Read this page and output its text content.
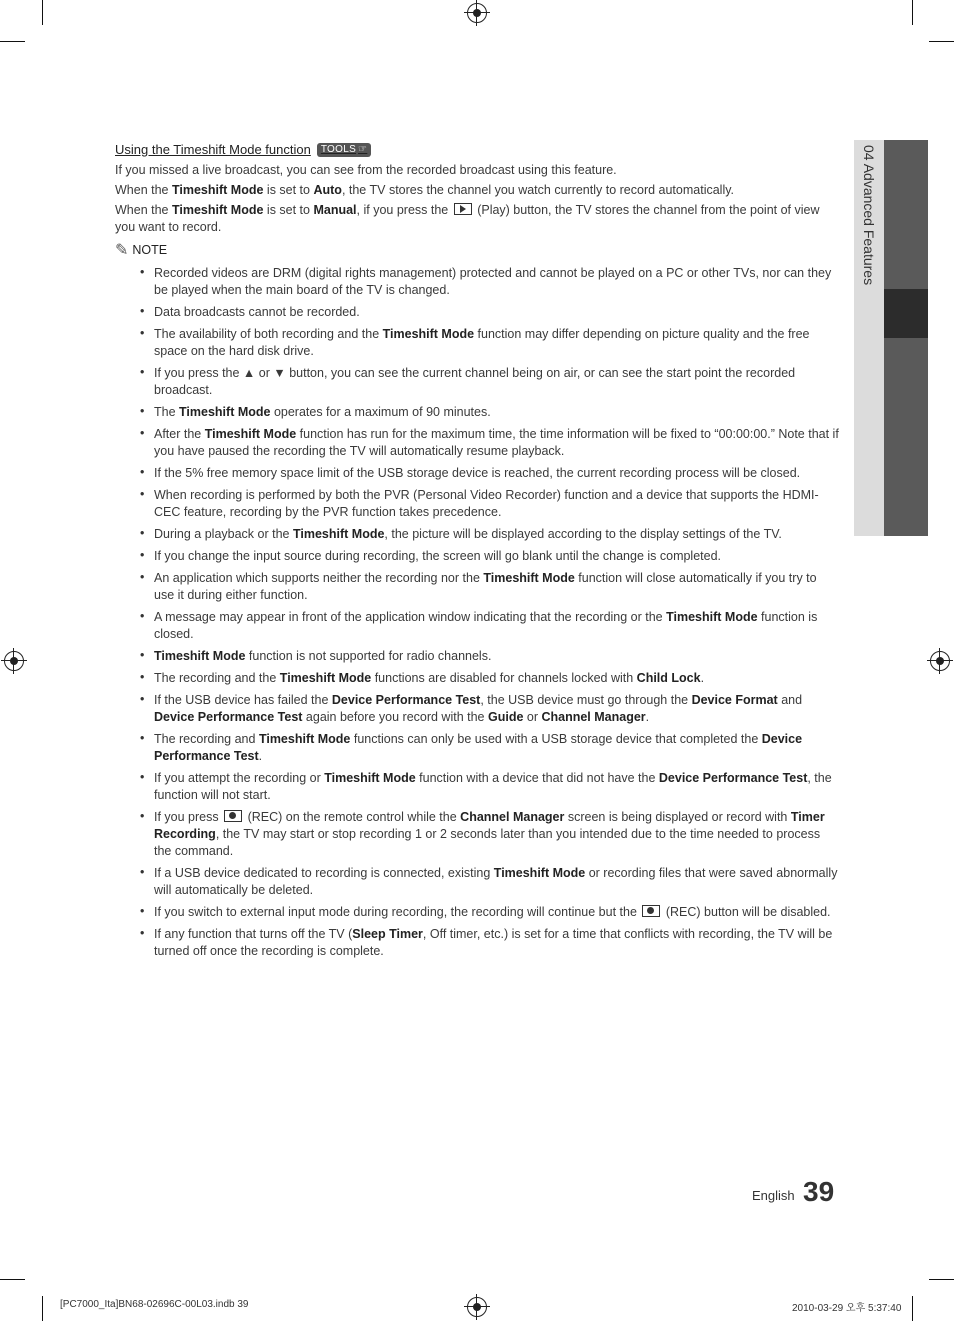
04 Advanced Features
Using the Timeshift Mode function TOOLS ☞

If you missed a live broadcast, you can see from the recorded broadcast using this feature.

When the Timeshift Mode is set to Auto, the TV stores the channel you watch currently to record automatically.

When the Timeshift Mode is set to Manual, if you press the  (Play) button, the TV stores the channel from the point of view you want to record.

✎ NOTE
• Recorded videos are DRM (digital rights management) protected and cannot be played on a PC or other TVs, nor can they be played when the main board of the TV is changed.
• Data broadcasts cannot be recorded.
• The availability of both recording and the Timeshift Mode function may differ depending on picture quality and the free space on the hard disk drive.
• If you press the ▲ or ▼ button, you can see the current channel being on air, or can see the start point the recorded broadcast.
• The Timeshift Mode operates for a maximum of 90 minutes.
• After the Timeshift Mode function has run for the maximum time, the time information will be fixed to “00:00:00.” Note that if you have paused the recording the TV will automatically resume playback.
• If the 5% free memory space limit of the USB storage device is reached, the current recording process will be closed.
• When recording is performed by both the PVR (Personal Video Recorder) function and a device that supports the HDMI-CEC feature, recording by the PVR function takes precedence.
• During a playback or the Timeshift Mode, the picture will be displayed according to the display settings of the TV.
• If you change the input source during recording, the screen will go blank until the change is completed.
• An application which supports neither the recording nor the Timeshift Mode function will close automatically if you try to use it during either function.
• A message may appear in front of the application window indicating that the recording or the Timeshift Mode function is closed.
• Timeshift Mode function is not supported for radio channels.
• The recording and the Timeshift Mode functions are disabled for channels locked with Child Lock.
• If the USB device has failed the Device Performance Test, the USB device must go through the Device Format and Device Performance Test again before you record with the Guide or Channel Manager.
• The recording and Timeshift Mode functions can only be used with a USB storage device that completed the Device Performance Test.
• If you attempt the recording or Timeshift Mode function with a device that did not have the Device Performance Test, the function will not start.
• If you press  (REC) on the remote control while the Channel Manager screen is being displayed or record with Timer Recording, the TV may start or stop recording 1 or 2 seconds later than you intended due to the time needed to process the command.
• If a USB device dedicated to recording is connected, existing Timeshift Mode or recording files that were saved abnormally will automatically be deleted.
• If you switch to external input mode during recording, the recording will continue but the  (REC) button will be disabled.
• If any function that turns off the TV (Sleep Timer, Off timer, etc.) is set for a time that conflicts with recording, the TV will be turned off once the recording is complete.
English 39
[PC7000_Ita]BN68-02696C-00L03.indb 39	2010-03-29 오후 5:37:40
